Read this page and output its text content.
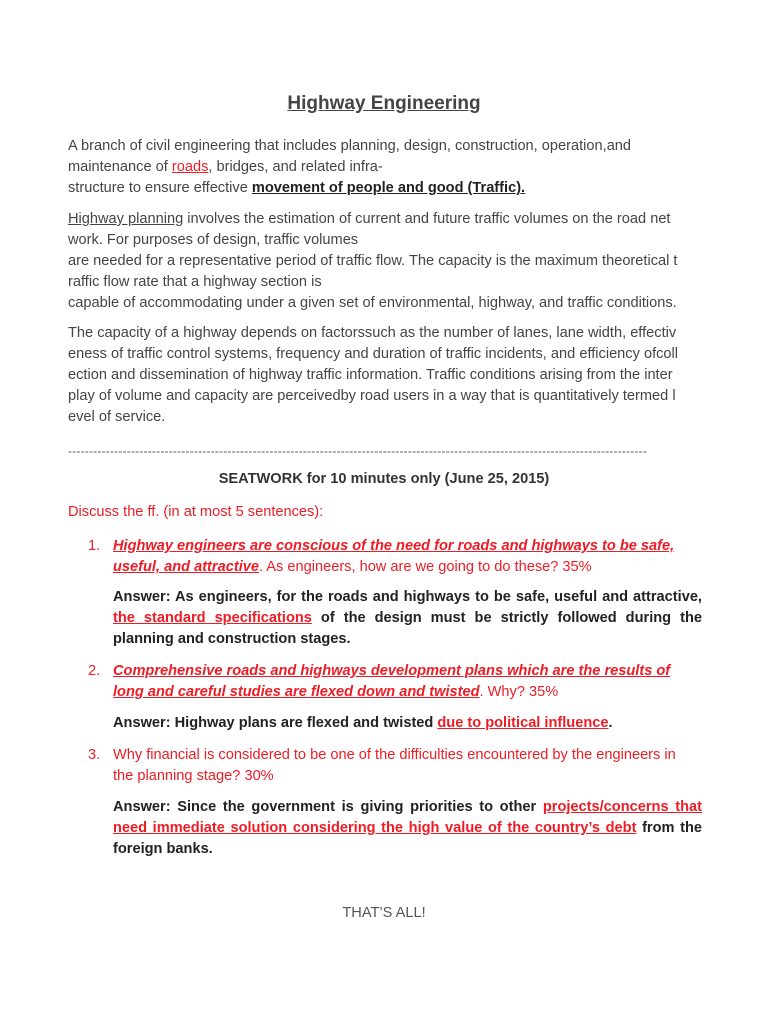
Highway Engineering
A branch of civil engineering that includes planning, design, construction, operation,and
maintenance of roads, bridges, and related infra-
structure to ensure effective movement of people and good (Traffic).
Highway planning involves the estimation of current and future traffic volumes on the road net
work. For purposes of design, traffic volumes
are needed for a representative period of traffic flow. The capacity is the maximum theoretical t
raffic flow rate that a highway section is
capable of accommodating under a given set of environmental, highway, and traffic conditions.
The capacity of a highway depends on factorssuch as the number of lanes, lane width, effectiv
eness of traffic control systems, frequency and duration of traffic incidents, and efficiency ofcoll
ection and dissemination of highway traffic information. Traffic conditions arising from the inter
play of volume and capacity are perceivedby road users in a way that is quantitatively termed l
evel of service.
------------------------------------------------------------------------------------------------------------------------------------------
SEATWORK for 10 minutes only (June 25, 2015)
Discuss the ff. (in at most 5 sentences):
1. Highway engineers are conscious of the need for roads and highways to be safe,
useful, and attractive. As engineers, how are we going to do these? 35%
Answer: As engineers, for the roads and highways to be safe, useful and attractive, the standard specifications of the design must be strictly followed during the planning and construction stages.
2. Comprehensive roads and highways development plans which are the results of
long and careful studies are flexed down and twisted. Why? 35%
Answer: Highway plans are flexed and twisted due to political influence.
3. Why financial is considered to be one of the difficulties encountered by the engineers in
the planning stage? 30%
Answer: Since the government is giving priorities to other projects/concerns that need immediate solution considering the high value of the country’s debt from the foreign banks.
THAT’S ALL!
